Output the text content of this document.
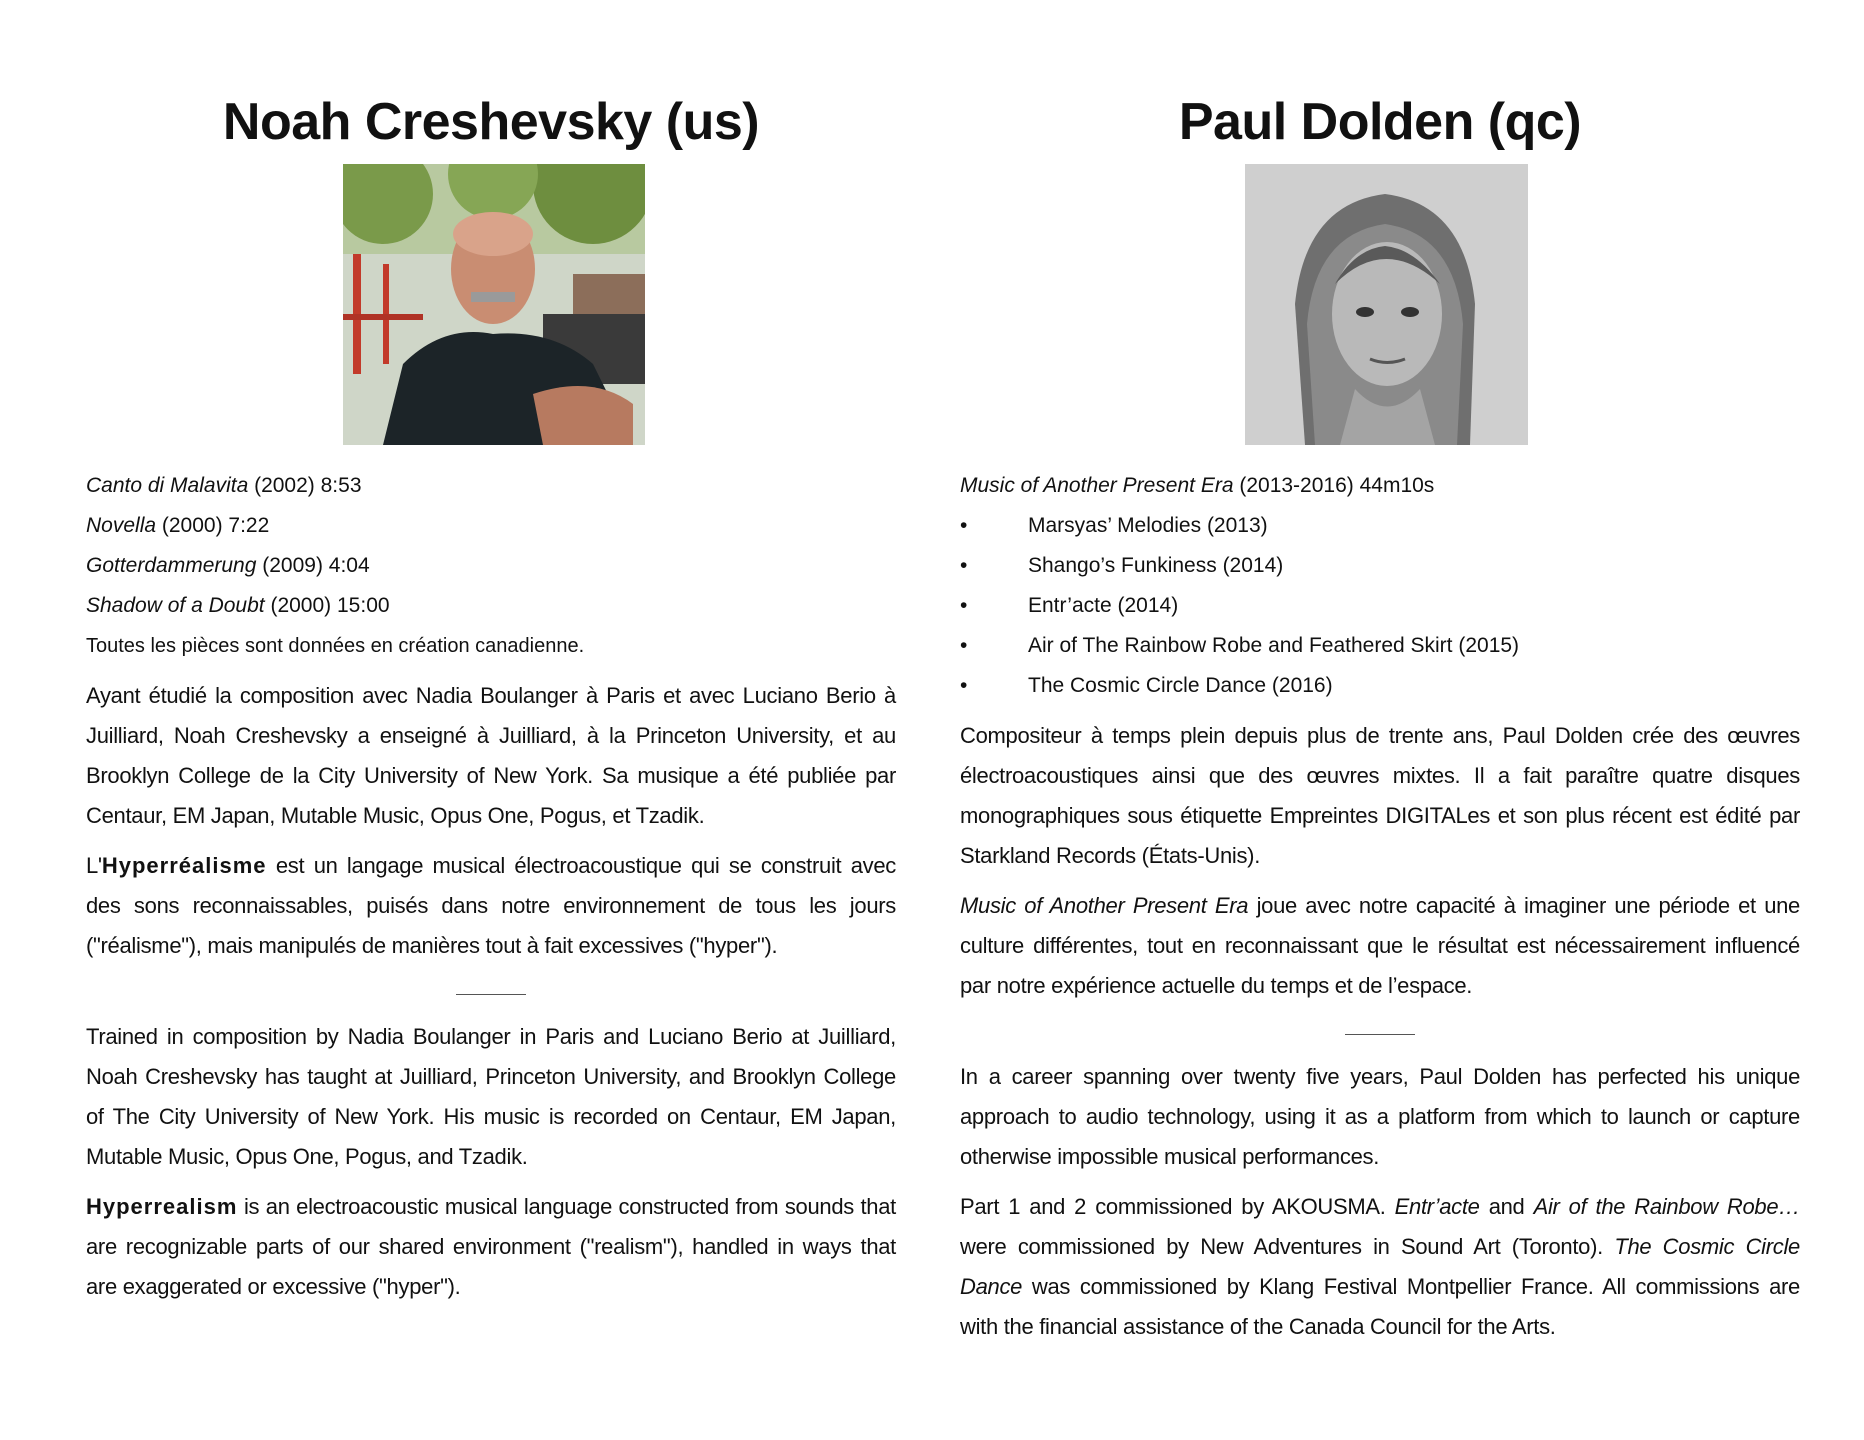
Noah Creshevsky (us)

Canto di Malavita (2002) 8:53

Novella (2000) 7:22

Gotterdammerung (2009) 4:04

Shadow of a Doubt (2000) 15:00

Toutes les pièces sont données en création canadienne.

Ayant étudié la composition avec Nadia Boulanger à Paris et avec Luciano Berio à Juilliard, Noah Creshevsky a enseigné à Juilliard, à la Princeton University, et au Brooklyn College de la City University of New York. Sa musique a été publiée par Centaur, EM Japan, Mutable Music, Opus One, Pogus, et Tzadik.

L'Hyperréalisme est un langage musical électroacoustique qui se construit avec des sons reconnaissables, puisés dans notre environnement de tous les jours ("réalisme"), mais manipulés de manières tout à fait excessives ("hyper").

Trained in composition by Nadia Boulanger in Paris and Luciano Berio at Juilliard, Noah Creshevsky has taught at Juilliard, Princeton University, and Brooklyn College of The City University of New York. His music is recorded on Centaur, EM Japan, Mutable Music, Opus One, Pogus, and Tzadik.

Hyperrealism is an electroacoustic musical language constructed from sounds that are recognizable parts of our shared environment ("realism"), handled in ways that are exaggerated or excessive ("hyper").

Paul Dolden (qc)

Music of Another Present Era (2013-2016) 44m10s

•	Marsyas’ Melodies (2013)
•	Shango’s Funkiness (2014)
•	Entr’acte (2014)
•	Air of The Rainbow Robe and Feathered Skirt (2015)
•	The Cosmic Circle Dance (2016)

Compositeur à temps plein depuis plus de trente ans, Paul Dolden crée des œuvres électroacoustiques ainsi que des œuvres mixtes. Il a fait paraître quatre disques monographiques sous étiquette Empreintes DIGITALes et son plus récent est édité par Starkland Records (États-Unis).

Music of Another Present Era joue avec notre capacité à imaginer une période et une culture différentes, tout en reconnaissant que le résultat est nécessairement influencé par notre expérience actuelle du temps et de l’espace.

In a career spanning over twenty five years, Paul Dolden has perfected his unique approach to audio technology, using it as a platform from which to launch or capture otherwise impossible musical performances.

Part 1 and 2 commissioned by AKOUSMA. Entr’acte and Air of the Rainbow Robe… were commissioned by New Adventures in Sound Art (Toronto). The Cosmic Circle Dance was commissioned by Klang Festival Montpellier France. All commissions are with the financial assistance of the Canada Council for the Arts.
